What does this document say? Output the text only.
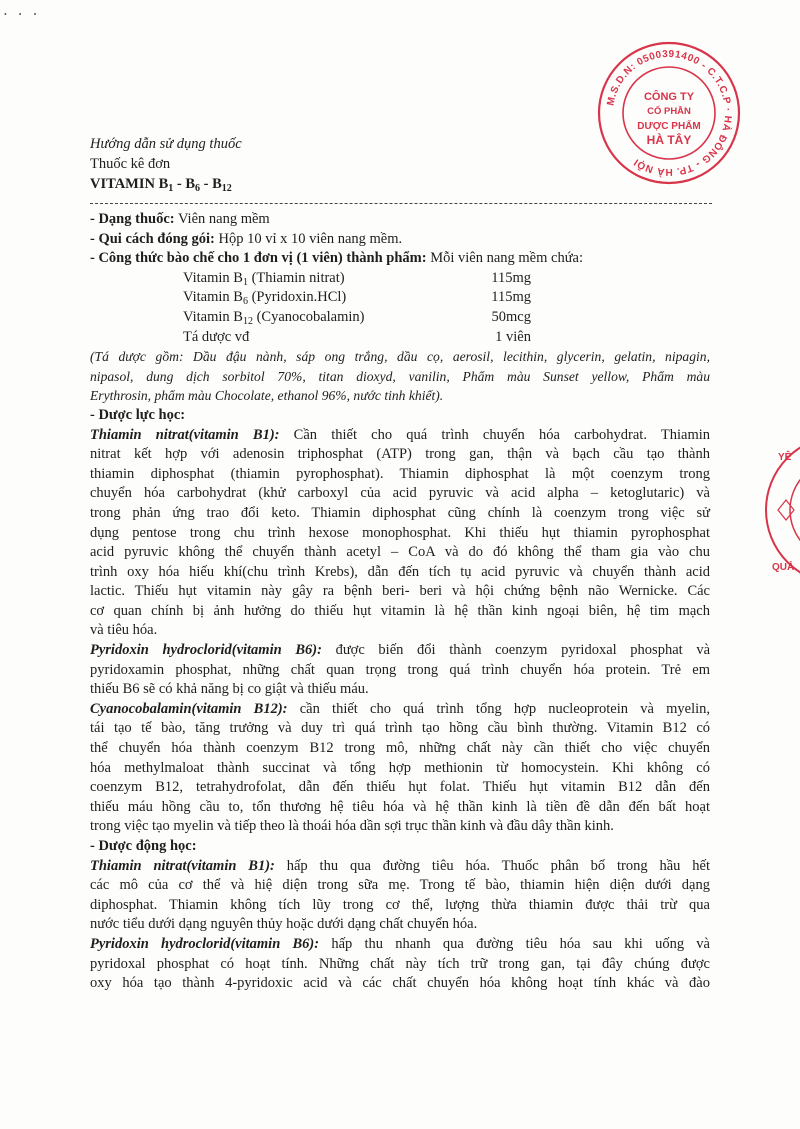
• • •
M.S.D.N: 0500391400 - C.T.C.P · HÀ ĐÔNG - TP. HÀ NỘI
CÔNG TY
CỔ PHẦN
DƯỢC PHẨM
HÀ TÂY
YÊ
QUẢ
Hướng dẫn sử dụng thuốc
Thuốc kê đơn
VITAMIN $B_1 - B_6 - B_{12}$
- Dạng thuốc: Viên nang mềm
- Qui cách đóng gói: Hộp 10 vỉ x 10 viên nang mềm.
- Công thức bào chế cho 1 đơn vị (1 viên) thành phẩm: Mỗi viên nang mềm chứa:
Vitamin $B_1$ (Thiamin nitrat)	115mg
Vitamin $B_6$ (Pyridoxin.HCl)	115mg
Vitamin $B_{12}$ (Cyanocobalamin)	50mcg
Tá dược vđ	1 viên
(Tá dược gồm: Dầu đậu nành, sáp ong trắng, dầu cọ, aerosil, lecithin, glycerin, gelatin, nipagin,
nipasol, dung dịch sorbitol 70%, titan dioxyd, vanilin, Phẩm màu Sunset yellow, Phẩm màu
Erythrosin, phẩm màu Chocolate, ethanol 96%, nước tinh khiết).
- Dược lực học:
Thiamin nitrat(vitamin B1): Cần thiết cho quá trình chuyển hóa carbohydrat. Thiamin
nitrat kết hợp với adenosin triphosphat (ATP) trong gan, thận và bạch cầu tạo thành
thiamin diphosphat (thiamin pyrophosphat). Thiamin diphosphat là một coenzym trong
chuyển hóa carbohydrat (khử carboxyl của acid pyruvic và acid alpha – ketoglutaric) và
trong phản ứng trao đổi keto. Thiamin diphosphat cũng chính là coenzym trong việc sử
dụng pentose trong chu trình hexose monophosphat. Khi thiếu hụt thiamin pyrophosphat
acid pyruvic không thể chuyển thành acetyl – CoA và do đó không thể tham gia vào chu
trình oxy hóa hiếu khí(chu trình Krebs), dẫn đến tích tụ acid pyruvic và chuyển thành acid
lactic. Thiếu hụt vitamin này gây ra bệnh beri- beri và hội chứng bệnh não Wernicke. Các
cơ quan chính bị ảnh hưởng do thiếu hụt vitamin là hệ thần kinh ngoại biên, hệ tim mạch
và tiêu hóa.
Pyridoxin hydroclorid(vitamin B6): được biến đổi thành coenzym pyridoxal phosphat và
pyridoxamin phosphat, những chất quan trọng trong quá trình chuyển hóa protein. Trẻ em
thiếu B6 sẽ có khả năng bị co giật và thiếu máu.
Cyanocobalamin(vitamin B12): cần thiết cho quá trình tổng hợp nucleoprotein và myelin,
tái tạo tế bào, tăng trưởng và duy trì quá trình tạo hồng cầu bình thường. Vitamin B12 có
thể chuyển hóa thành coenzym B12 trong mô, những chất này cần thiết cho việc chuyển
hóa methylmaloat thành succinat và tổng hợp methionin từ homocystein. Khi không có
coenzym B12, tetrahydrofolat, dẫn đến thiếu hụt folat. Thiếu hụt vitamin B12 dẫn đến
thiếu máu hồng cầu to, tổn thương hệ tiêu hóa và hệ thần kinh là tiền đề dẫn đến bất hoạt
trong việc tạo myelin và tiếp theo là thoái hóa dần sợi trục thần kinh và đầu dây thần kinh.
- Dược động học:
Thiamin nitrat(vitamin B1): hấp thu qua đường tiêu hóa. Thuốc phân bố trong hầu hết
các mô của cơ thể và hiệ diện trong sữa mẹ. Trong tế bào, thiamin hiện diện dưới dạng
diphosphat. Thiamin không tích lũy trong cơ thể, lượng thừa thiamin được thải trừ qua
nước tiểu dưới dạng nguyên thủy hoặc dưới dạng chất chuyển hóa.
Pyridoxin hydroclorid(vitamin B6): hấp thu nhanh qua đường tiêu hóa sau khi uống và
pyridoxal phosphat có hoạt tính. Những chất này tích trữ trong gan, tại đây chúng được
oxy hóa tạo thành 4-pyridoxic acid và các chất chuyển hóa không hoạt tính khác và đào
